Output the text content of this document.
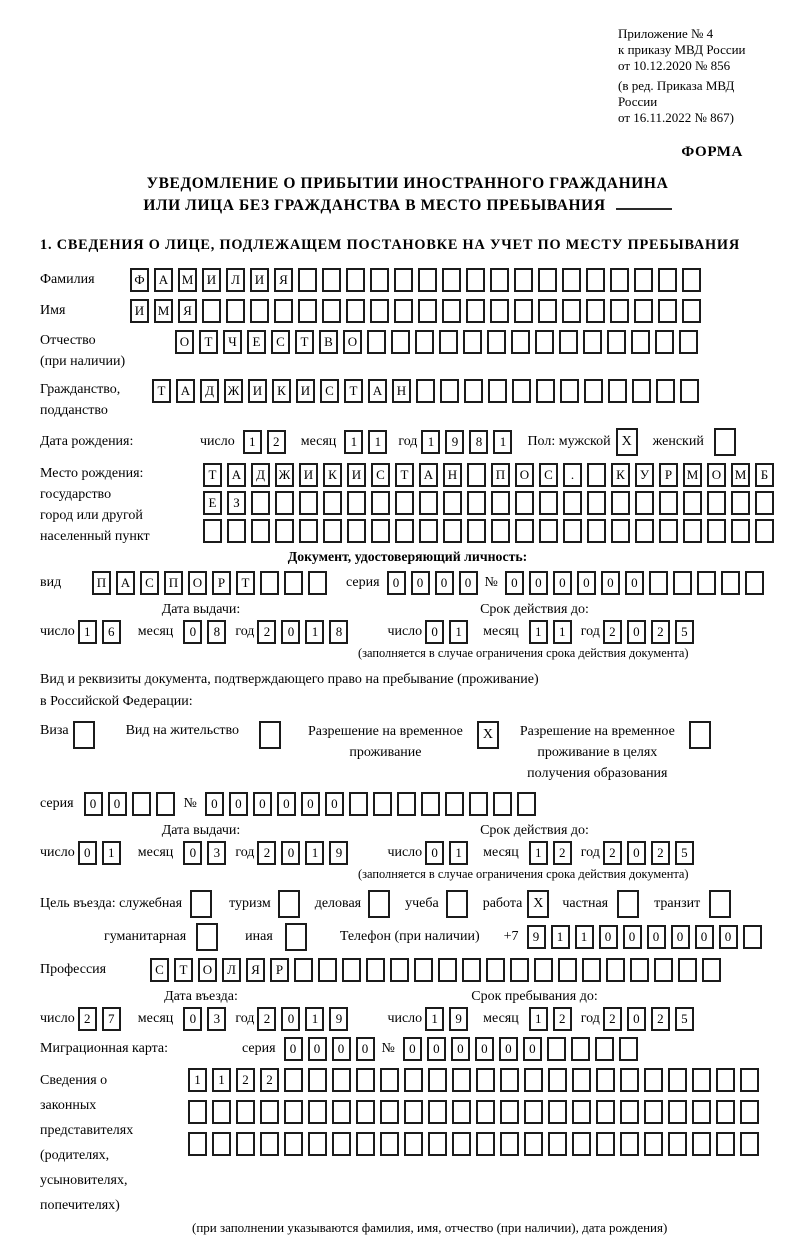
Приложение № 4
к приказу МВД России
от 10.12.2020 № 856
(в ред. Приказа МВД России
от 16.11.2022 № 867)
ФОРМА
УВЕДОМЛЕНИЕ О ПРИБЫТИИ ИНОСТРАННОГО ГРАЖДАНИНА
ИЛИ ЛИЦА БЕЗ ГРАЖДАНСТВА В МЕСТО ПРЕБЫВАНИЯ
1. СВЕДЕНИЯ О ЛИЦЕ, ПОДЛЕЖАЩЕМ ПОСТАНОВКЕ НА УЧЕТ ПО МЕСТУ ПРЕБЫВАНИЯ
Фамилия	Ф	А	М	И	Л	И	Я
Имя	И	М	Я
Отчество
(при наличии)
О	Т	Ч	Е	С	Т	В	О
Гражданство,
подданство
Т	А	Д	Ж	И	К	И	С	Т	А	Н
Дата рождения:	число	1	2	месяц	1	1	год 1	9	8	1	Пол: мужской X	женский
Место рождения:
государство
город или другой
населенный пункт
Т	А	Д	Ж	И	К	И	С	Т	А	Н	П	О	С	.	К	У	Р	М	О	М	Б
Е	З
Документ, удостоверяющий личность:
вид	П	А	С	П	О	Р	Т	серия	0	0	0	0 №	0	0	0	0	0	0
Дата выдачи:	Срок действия до:
число 1	6	месяц	0	8	год 2	0	1	8	число 0	1	месяц	1	1	год 2	0	2	5
(заполняется в случае ограничения срока действия документа)
Вид и реквизиты документа, подтверждающего право на пребывание (проживание)
в Российской Федерации:
Виза	Вид на жительство	Разрешение на временное
проживание
X	Разрешение на временное
проживание в целях
получения образования
серия	0	0	№	0	0	0	0	0	0
Дата выдачи:	Срок действия до:
число 0	1	месяц	0	3	год 2	0	1	9	число 0	1	месяц	1	2	год 2	0	2	5
(заполняется в случае ограничения срока действия документа)
Цель въезда: служебная	туризм	деловая	учеба	работа X	частная	транзит
гуманитарная	иная	Телефон (при наличии) +7	9	1	1	0	0	0	0	0	0
Профессия	С	Т	О	Л	Я	Р
Дата въезда:	Срок пребывания до:
число 2	7	месяц	0	3	год 2	0	1	9	число 1	9	месяц	1	2	год 2	0	2	5
Миграционная карта:	серия	0	0	0	0 №	0	0	0	0	0	0
Сведения о
законных
представителях
(родителях,
усыновителях,
попечителях)
1	1	2	2
(при заполнении указываются фамилия, имя, отчество (при наличии), дата рождения)
